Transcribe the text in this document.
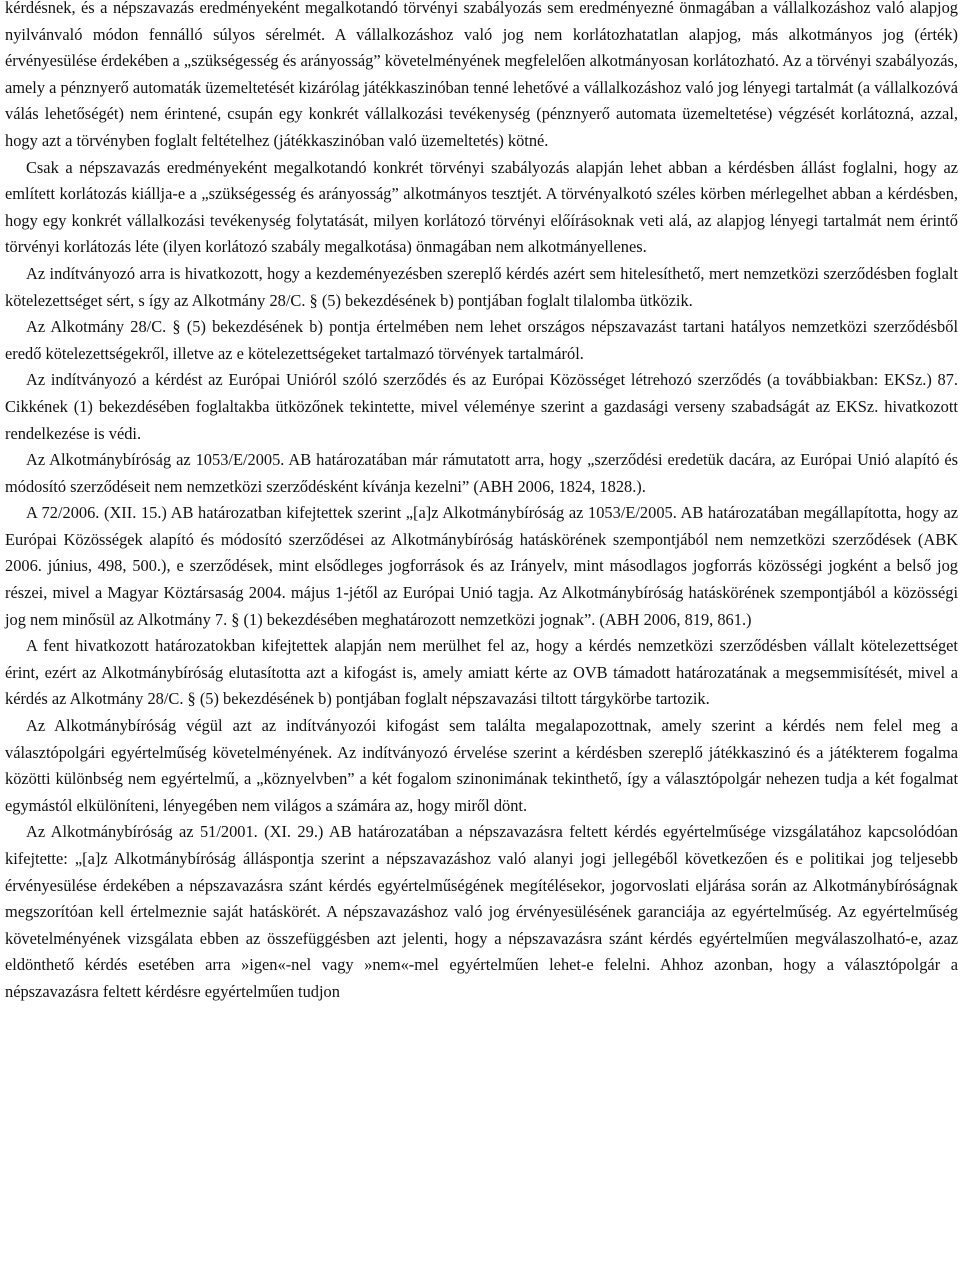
kérdésnek, és a népszavazás eredményeként megalkotandó törvényi szabályozás sem eredményezné önmagában a vállalkozáshoz való alapjog nyilvánvaló módon fennálló súlyos sérelmét. A vállalkozáshoz való jog nem korlátozhatatlan alapjog, más alkotmányos jog (érték) érvényesülése érdekében a „szükségesség és arányosság” követelményének megfelelően alkotmányosan korlátozható. Az a törvényi szabályozás, amely a pénznyerő automaták üzemeltetését kizárólag játékkaszinóban tenné lehetővé a vállalkozáshoz való jog lényegi tartalmát (a vállalkozóvá válás lehetőségét) nem érintené, csupán egy konkrét vállalkozási tevékenység (pénznyerő automata üzemeltetése) végzését korlátozná, azzal, hogy azt a törvényben foglalt feltételhez (játékkaszinóban való üzemeltetés) kötné.

Csak a népszavazás eredményeként megalkotandó konkrét törvényi szabályozás alapján lehet abban a kérdésben állást foglalni, hogy az említett korlátozás kiállja-e a „szükségesség és arányosság” alkotmányos tesztjét. A törvényalkotó széles körben mérlegelhet abban a kérdésben, hogy egy konkrét vállalkozási tevékenység folytatását, milyen korlátozó törvényi előírásoknak veti alá, az alapjog lényegi tartalmát nem érintő törvényi korlátozás léte (ilyen korlátozó szabály megalkotása) önmagában nem alkotmányellenes.

Az indítványozó arra is hivatkozott, hogy a kezdeményezésben szereplő kérdés azért sem hitelesíthető, mert nemzetközi szerződésben foglalt kötelezettséget sért, s így az Alkotmány 28/C. § (5) bekezdésének b) pontjában foglalt tilalomba ütközik.

Az Alkotmány 28/C. § (5) bekezdésének b) pontja értelmében nem lehet országos népszavazást tartani hatályos nemzetközi szerződésből eredő kötelezettségekről, illetve az e kötelezettségeket tartalmazó törvények tartalmáról.

Az indítványozó a kérdést az Európai Unióról szóló szerződés és az Európai Közösséget létrehozó szerződés (a továbbiakban: EKSz.) 87. Cikkének (1) bekezdésében foglaltakba ütközőnek tekintette, mivel véleménye szerint a gazdasági verseny szabadságát az EKSz. hivatkozott rendelkezése is védi.

Az Alkotmánybíróság az 1053/E/2005. AB határozatában már rámutatott arra, hogy „szerződési eredetük dacára, az Európai Unió alapító és módosító szerződéseit nem nemzetközi szerződésként kívánja kezelni” (ABH 2006, 1824, 1828.).

A 72/2006. (XII. 15.) AB határozatban kifejtettek szerint „[a]z Alkotmánybíróság az 1053/E/2005. AB határozatában megállapította, hogy az Európai Közösségek alapító és módosító szerződései az Alkotmánybíróság hatáskörének szempontjából nem nemzetközi szerződések (ABK 2006. június, 498, 500.), e szerződések, mint elsődleges jogforrások és az Irányelv, mint másodlagos jogforrás közösségi jogként a belső jog részei, mivel a Magyar Köztársaság 2004. május 1-jétől az Európai Unió tagja. Az Alkotmánybíróság hatáskörének szempontjából a közösségi jog nem minősül az Alkotmány 7. § (1) bekezdésében meghatározott nemzetközi jognak”. (ABH 2006, 819, 861.)

A fent hivatkozott határozatokban kifejtettek alapján nem merülhet fel az, hogy a kérdés nemzetközi szerződésben vállalt kötelezettséget érint, ezért az Alkotmánybíróság elutasította azt a kifogást is, amely amiatt kérte az OVB támadott határozatának a megsemmisítését, mivel a kérdés az Alkotmány 28/C. § (5) bekezdésének b) pontjában foglalt népszavazási tiltott tárgykörbe tartozik.

Az Alkotmánybíróság végül azt az indítványozói kifogást sem találta megalapozottnak, amely szerint a kérdés nem felel meg a választópolgári egyértelműség követelményének. Az indítványozó érvelése szerint a kérdésben szereplő játékkaszinó és a játékterem fogalma közötti különbség nem egyértelmű, a „köznyelvben” a két fogalom szinonimának tekinthető, így a választópolgár nehezen tudja a két fogalmat egymástól elkülöníteni, lényegében nem világos a számára az, hogy miről dönt.

Az Alkotmánybíróság az 51/2001. (XI. 29.) AB határozatában a népszavazásra feltett kérdés egyértelműsége vizsgálatához kapcsolódóan kifejtette: „[a]z Alkotmánybíróság álláspontja szerint a népszavazáshoz való alanyi jogi jellegéből következően és e politikai jog teljesebb érvényesülése érdekében a népszavazásra szánt kérdés egyértelműségének megítélésekor, jogorvoslati eljárása során az Alkotmánybíróságnak megszorítóan kell értelmeznie saját hatáskörét. A népszavazáshoz való jog érvényesülésének garanciája az egyértelműség. Az egyértelműség követelményének vizsgálata ebben az összefüggésben azt jelenti, hogy a népszavazásra szánt kérdés egyértelműen megválaszolható-e, azaz eldönthető kérdés esetében arra »igen«-nel vagy »nem«-mel egyértelműen lehet-e felelni. Ahhoz azonban, hogy a választópolgár a népszavazásra feltett kérdésre egyértelműen tudjon
